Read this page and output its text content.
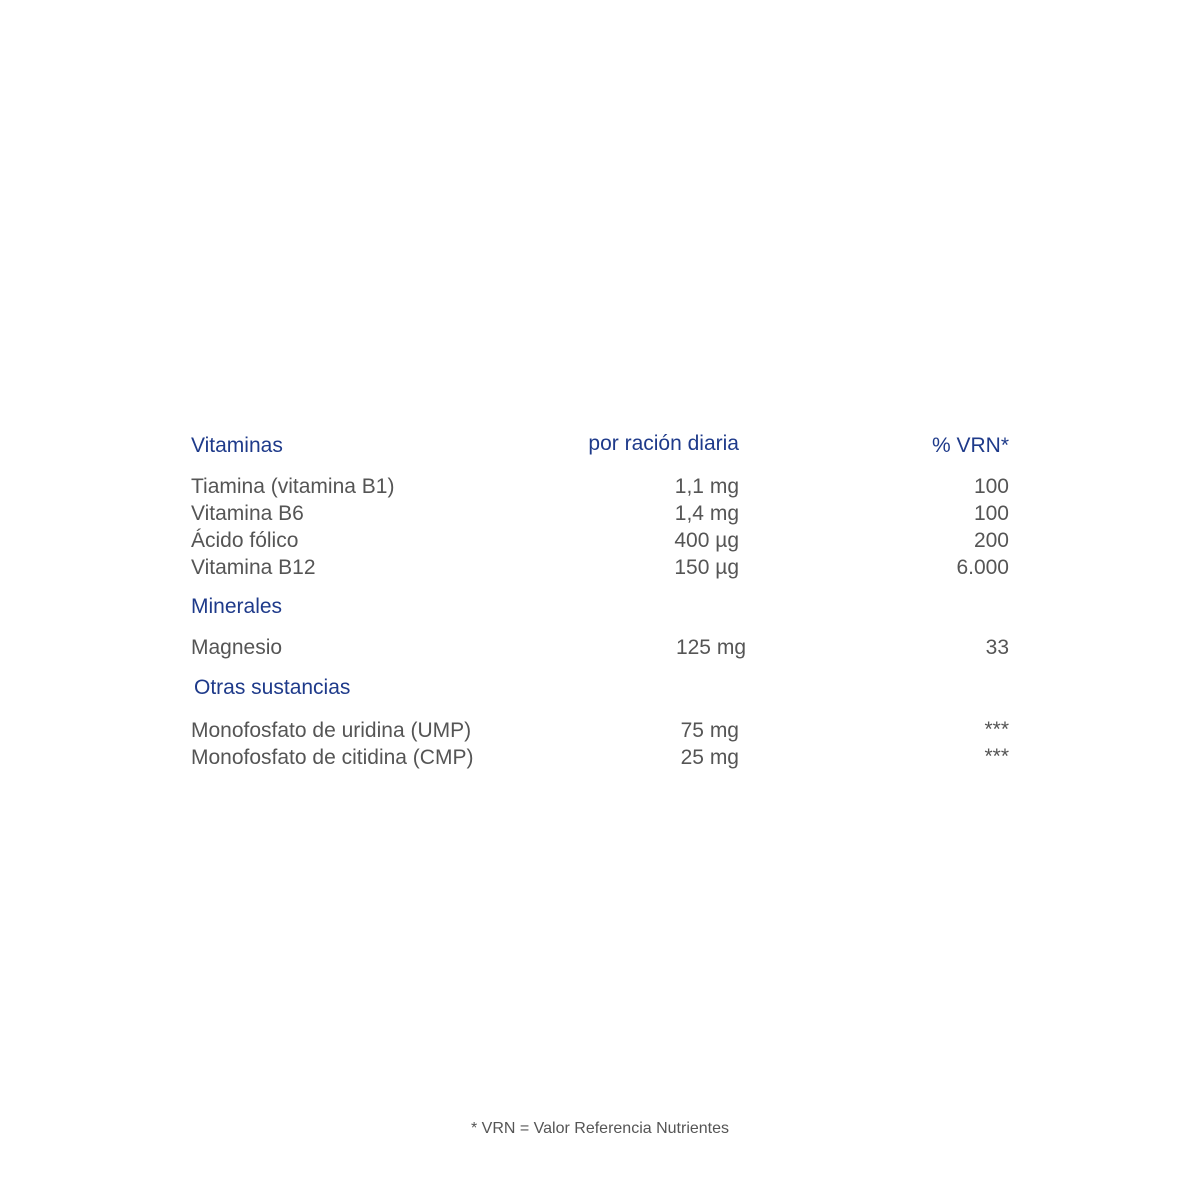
Vitaminas	por ración diaria	% VRN*
Tiamina (vitamina B1)	1,1 mg	100
Vitamina B6	1,4 mg	100
Ácido fólico	400 µg	200
Vitamina B12	150 µg	6.000
Minerales
Magnesio	125 mg	33
Otras sustancias
Monofosfato de uridina (UMP)	75 mg	***
Monofosfato de citidina (CMP)	25 mg	***
* VRN = Valor Referencia Nutrientes
